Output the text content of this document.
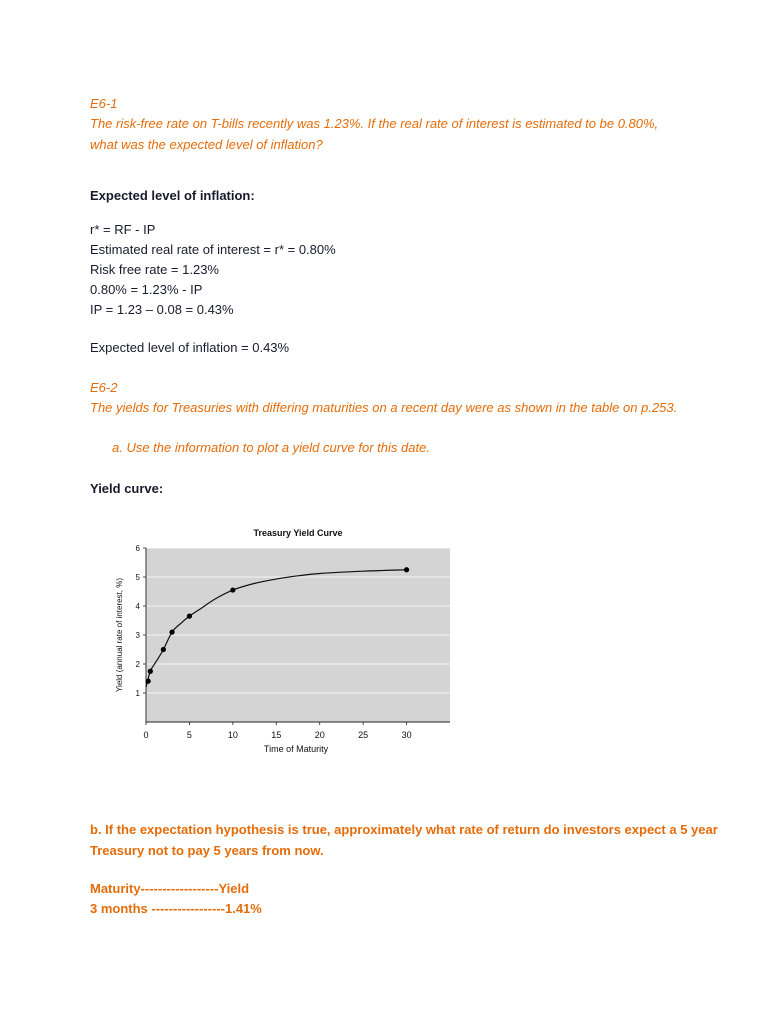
E6-1
The risk-free rate on T-bills recently was 1.23%. If the real rate of interest is estimated to be 0.80%,
what was the expected level of inflation?
Expected level of inflation:
r* = RF - IP
Estimated real rate of interest = r* = 0.80%
Risk free rate = 1.23%
0.80% = 1.23% - IP
IP = 1.23 – 0.08 = 0.43%
Expected level of inflation = 0.43%
E6-2
The yields for Treasuries with differing maturities on a recent day were as shown in the table on p.253.
a. Use the information to plot a yield curve for this date.
Yield curve:
Treasury Yield Curve
0	5	10	15	20	25	30
1
2
3
4
5
6
Time of Maturity
Yield (annual rate of interest, %)
b. If the expectation hypothesis is true, approximately what rate of return do investors expect a 5 year
Treasury not to pay 5 years from now.
Maturity------------------Yield
3 months -----------------1.41%
